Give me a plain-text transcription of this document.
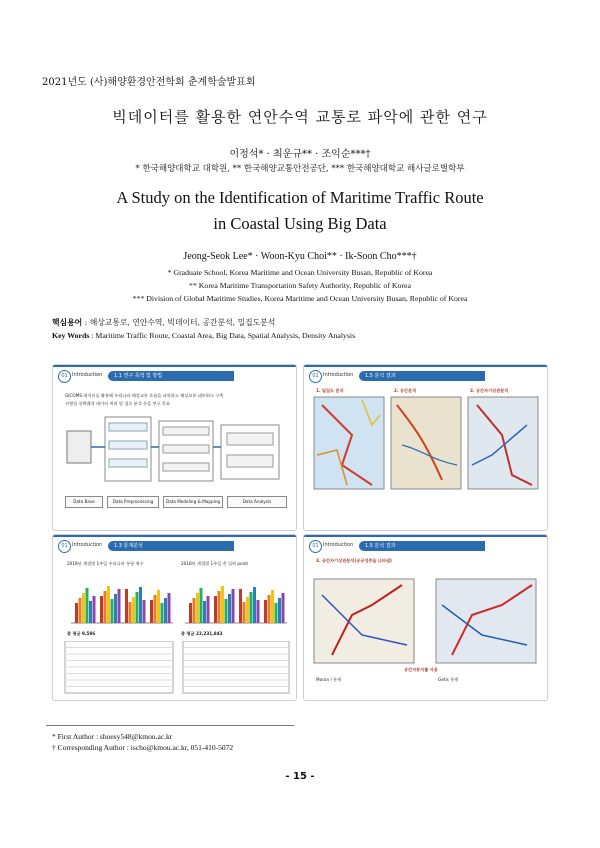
2021년도 (사)해양환경안전학회 춘계학술발표회
빅데이터를 활용한 연안수역 교통로 파악에 관한 연구
이정석* · 최운규** · 조익순***†
* 한국해양대학교 대학원, ** 한국해양교통안전공단, *** 한국해양대학교 해사글로벌학부
A Study on the Identification of Maritime Traffic Route
in Coastal Using Big Data
Jeong-Seok Lee* · Woon-Kyu Choi** · Ik-Soon Cho***†
* Graduate School, Korea Maritime and Ocean University Busan, Republic of Korea
** Korea Maritime Transportation Safety Authority, Republic of Korea
*** Division of Global Maritime Studies, Korea Maritime and Ocean University Busan, Republic of Korea
핵심용어 : 해상교통로, 연안수역, 빅데이터, 공간분석, 밀집도분석
Key Words : Maritime Traffic Route, Coastal Area, Big Data, Spatial Analysis, Density Analysis
01 Introduction	1.1 연구 목적 및 방법
GICOMS 데이터를 활용해 우리나라 해상교통 흐름을 파악하고 해상교통 네트워크 구축
선행될 선박궤적 데이터 처리 및 경로 분석 등을 연구 목표
Data Base	Data Preprocessing	Data Modeling & Mapping	Data Analysis
01 Introduction	1.5 분석 결과
1. 밀집도 분석	2. 공간분석	3. 공간자기상관분석
01 Introduction	1.3 통계분석
2018년 계절별 1주일 우리나라 통항 척수	2018년 계절별 1주일 총 입력 point
총 평균 9,586	총 평균 22,231,843
01 Introduction	1.5 분석 결과
3. 공간자기상관분석(공공성중을 나타냄)
공간자동지률 사용
Moran I 통계	Getis 통계
* First Author : shoesy548@kmou.ac.kr
† Corresponding Author : ischo@kmou.ac.kr, 051-410-5072
- 15 -
